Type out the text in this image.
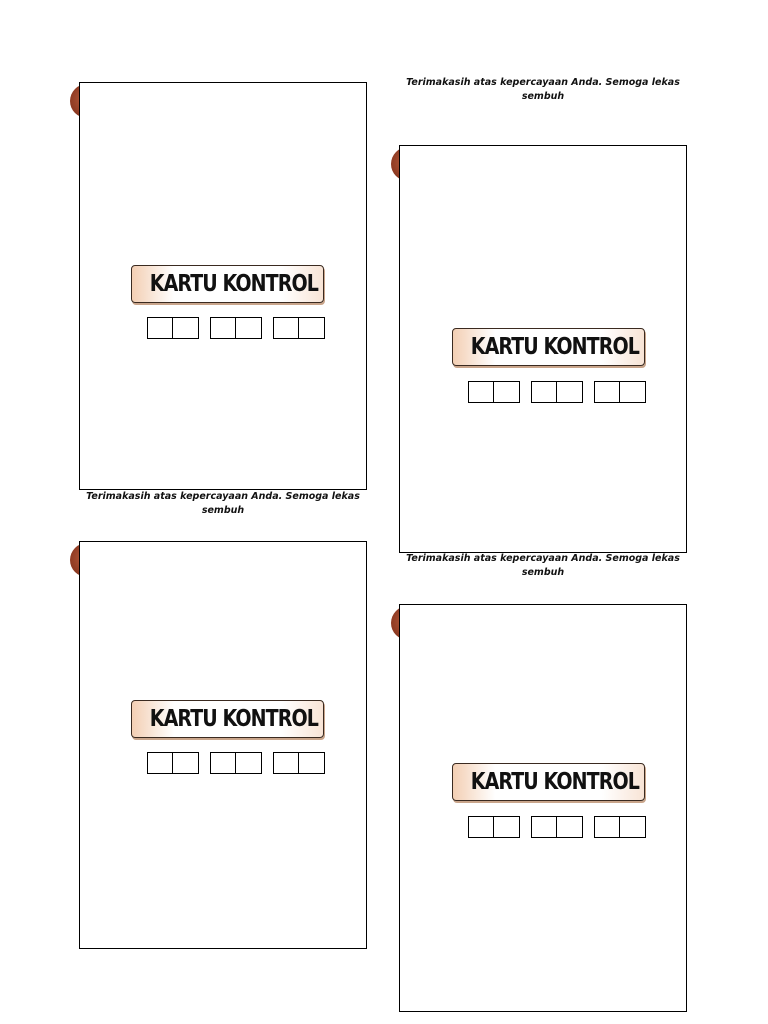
Terimakasih atas kepercayaan Anda. Semoga lekas sembuh
Terimakasih atas kepercayaan Anda. Semoga lekas sembuh
Terimakasih atas kepercayaan Anda. Semoga lekas sembuh
KARTU KONTROL
KARTU KONTROL
KARTU KONTROL
KARTU KONTROL
